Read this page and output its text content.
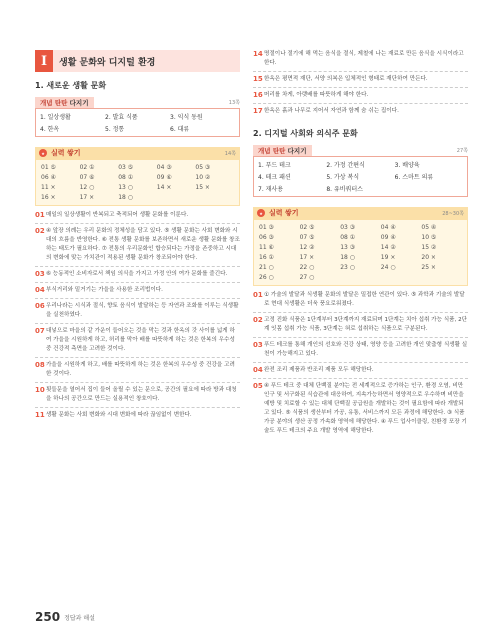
I	생활 문화와 디지털 환경
1. 새로운 생활 문화
개념 탄탄 다지기	13쪽
1. 일상생활	2. 발효 식품	3. 익식 동원
4. 한옥	5. 정통	6. 대류
★ 실력 쌓기	14쪽
01 ⑤	02 ①	03 ⑤	04 ③	05 ③
06 ④	07 ⑥	08 ①	09 ⑥	10 ②
11 ×	12 ○	13 ○	14 ×	15 ×
16 ×	17 ×	18 ○
01 매일의 일상생활이 반복되고 축적되어 생활 문화를 이룬다.
02 ④ 앞장 의례는 우리 문화의 정체성을 담고 있다. ⑤ 생활 문화는 사회 변화와 시대의 흐름을 반영한다. ⑥ 전통 생활 문화를 보존하면서 새로운 생활 문화를 창조하는 태도가 필요하다. ⑦ 전통의 우리문화인 합승되다는 가정을 존중하고 시대의 변화에 맞는 가치관이 적용된 생활 문화가 창조되어야 한다.
03 ⑥ 능동적인 소비자로서 책임 의식을 가지고 가정 안의 여가 문화를 즐긴다.
04 부식거리와 밑거기는 가을을 사용한 조리법이다.
06 우리나라는 시식과 절식, 향토 음식이 발달하는 등 자연과 조화를 이루는 식생활을 실천하였다.
07 대넣으로 마을의 같 가운이 들어오는 것을 막는 것과 한옥의 갓 사이를 넓게 하여 가을을 시원하게 하고, 허리를 막아 배를 따뜻하게 하는 것은 한복의 우수성 중 건강적 측면을 고려한 것이다.
08 가을을 시원하게 하고, 배를 따뜻하게 하는 것은 한복의 우수성 중 건강을 고려한 것이다.
10 툇들문을 열어서 집이 들어 올릴 수 있는 문으로, 공간의 필요에 따라 방과 대청을 하나의 공간으로 만드는 실용적인 창호이다.
11 생활 문화는 사회 변화와 시대 변화에 따라 끊임없이 변한다.
14 명절이나 절기에 해 먹는 음식을 절식, 제철에 나는 재료로 만든 음식을 시식이라고 한다.
15 한옥은 평면적 재단, 서양 의복은 입체적인 형태로 재단하여 만든다.
16 머리를 차게, 아랫배를 따뜻하게 해야 한다.
17 한옥은 흙과 나무로 지어서 자연과 함께 숨 쉬는 집이다.
2. 디지털 사회와 의식주 문화
개념 탄탄 다지기	27쪽
1. 푸드 테크	2. 가정 간편식	3. 배양육
4. 테크 패션	5. 가상 복식	6. 스마트 의류
7. 재사용	8. 유비쿼터스
★ 실력 쌓기	28~30쪽
01 ③	02 ⑤	03 ③	04 ④	05 ④
06 ③	07 ⑤	08 ①	09 ④	10 ⑤
11 ⑥	12 ②	13 ③	14 ②	15 ②
16 ①	17 ×	18 ○	19 ×	20 ×
21 ○	22 ○	23 ○	24 ○	25 ×
26 ○	27 ○
01 ① 가술의 발달과 식생활 문화의 발달은 밀접한 연관이 있다. ⑤ 과학과 기술의 발달로 현대 식생활은 더욱 풍요로워졌다.
02 고정 진화 식품은 1단계부터 3단계까지 재료되며 1단계는 치아 섭취 가능 식품, 2단계 잇몸 섭취 가능 식품, 3단계는 혀로 섭취하는 식품으로 구분된다.
03 푸드 테크를 통해 개인의 선호와 건강 상태, 영양 등을 고려한 개인 맞춤형 식생활 실천이 가능해지고 있다.
04 완전 조리 제품과 반조리 제품 모두 해당한다.
05 ④ 푸드 테크 중 대체 단백질 분야는 전 세계적으로 증가하는 인구, 환경 오염, 비만 인구 및 서구화된 식습관에 대응하여, 지속가능하면서 영양적으로 우수하며 비만을 예방 및 치료할 수 있는 대체 단백질 공급원을 개발하는 것이 필요함에 따라 개발되고 있다. ⑤ 식품의 생산부터 가공, 유통, 서비스까지 모든 과정에 해당한다. ③ 식품 가공 분야의 생산 공정 가속화 영역에 해당한다. ④ 푸드 업사이클링, 친환경 포장 기술도 푸드 테크의 주요 개발 영역에 해당한다.
250 정답과 해설
